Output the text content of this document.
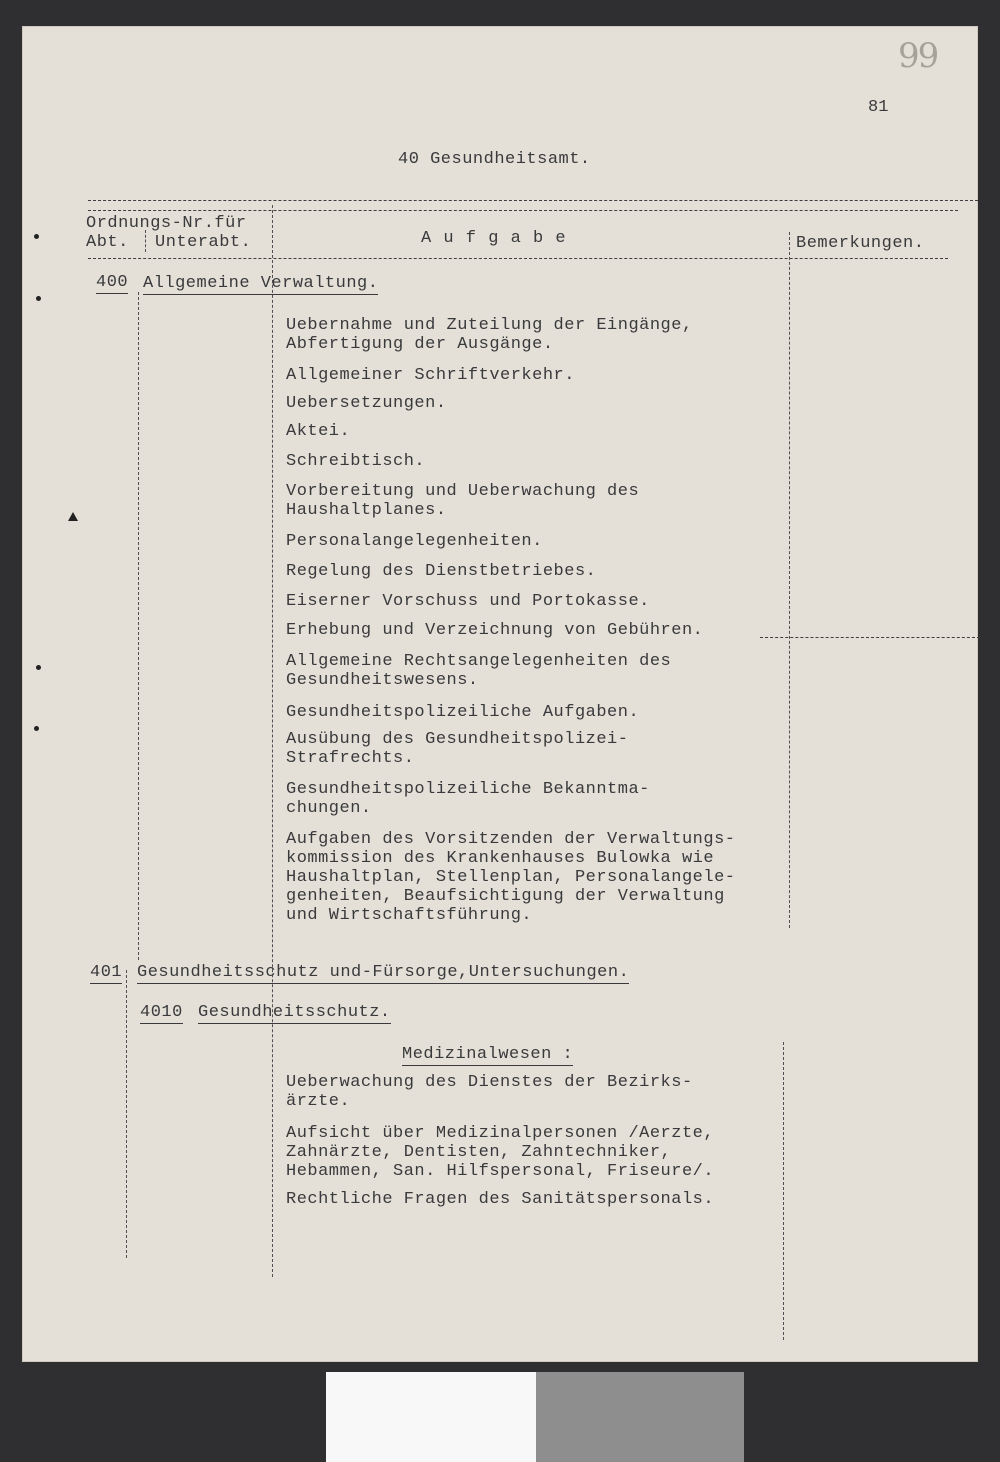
99
81
40 Gesundheitsamt.
Ordnungs-Nr.für
Abt. Unterabt.	A u f g a b e	Bemerkungen.
400 Allgemeine Verwaltung.
Uebernahme und Zuteilung der Eingänge,
Abfertigung der Ausgänge.
Allgemeiner Schriftverkehr.
Uebersetzungen.
Aktei.
Schreibtisch.
Vorbereitung und Ueberwachung des
Haushaltplanes.
Personalangelegenheiten.
Regelung des Dienstbetriebes.
Eiserner Vorschuss und Portokasse.
Erhebung und Verzeichnung von Gebühren.
Allgemeine Rechtsangelegenheiten des
Gesundheitswesens.
Gesundheitspolizeiliche Aufgaben.
Ausübung des Gesundheitspolizei-
Strafrechts.
Gesundheitspolizeiliche Bekanntma-
chungen.
Aufgaben des Vorsitzenden der Verwaltungs-
kommission des Krankenhauses Bulowka wie
Haushaltplan, Stellenplan, Personalangele-
genheiten, Beaufsichtigung der Verwaltung
und Wirtschaftsführung.
401 Gesundheitsschutz und-Fürsorge,Untersuchungen.
4010 Gesundheitsschutz.
Medizinalwesen :
Ueberwachung des Dienstes der Bezirks-
ärzte.
Aufsicht über Medizinalpersonen /Aerzte,
Zahnärzte, Dentisten, Zahntechniker,
Hebammen, San. Hilfspersonal, Friseure/.
Rechtliche Fragen des Sanitätspersonals.
